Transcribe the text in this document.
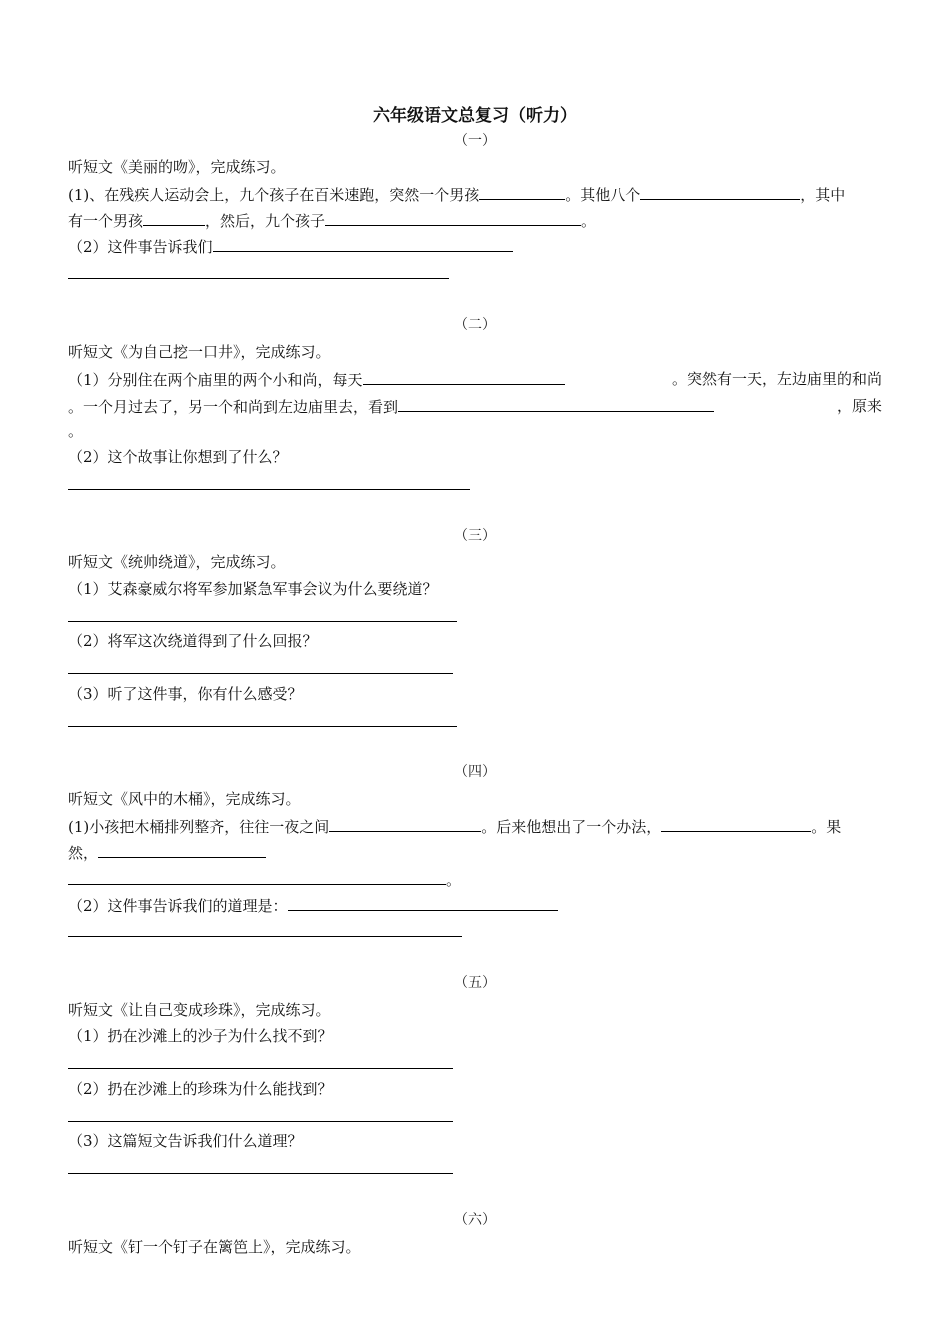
六年级语文总复习（听力）
（一）
听短文《美丽的吻》，完成练习。
(1)、在残疾人运动会上，九个孩子在百米速跑，突然一个男孩	。其他八个	，其中
有一个男孩	，然后，九个孩子	。
（2）这件事告诉我们
（二）
听短文《为自己挖一口井》，完成练习。
（1）分别住在两个庙里的两个小和尚，每天	。突然有一天，左边庙里的和尚
。一个月过去了，另一个和尚到左边庙里去，看到	，原来
。
（2）这个故事让你想到了什么？
（三）
听短文《统帅绕道》，完成练习。
（1）艾森豪威尔将军参加紧急军事会议为什么要绕道？
（2）将军这次绕道得到了什么回报？
（3）听了这件事，你有什么感受？
（四）
听短文《风中的木桶》，完成练习。
(1)小孩把木桶排列整齐，往往一夜之间	。后来他想出了一个办法，	。果
然，
。
（2）这件事告诉我们的道理是：
（五）
听短文《让自己变成珍珠》，完成练习。
（1）扔在沙滩上的沙子为什么找不到？
（2）扔在沙滩上的珍珠为什么能找到？
（3）这篇短文告诉我们什么道理？
（六）
听短文《钉一个钉子在篱笆上》，完成练习。
